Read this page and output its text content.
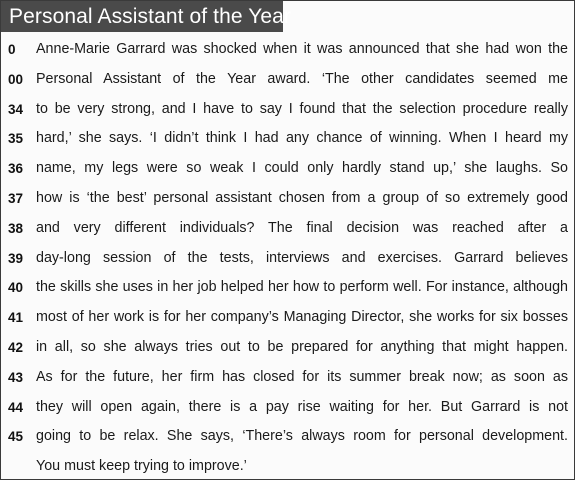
Personal Assistant of the Year
0	Anne-Marie Garrard was shocked when it was announced that she had won the
00 Personal Assistant of the Year award. ‘The other candidates seemed me
34 to be very strong, and I have to say I found that the selection procedure really
35 hard,’ she says. ‘I didn’t think I had any chance of winning. When I heard my
36 name, my legs were so weak I could only hardly stand up,’ she laughs. So
37 how is ‘the best’ personal assistant chosen from a group of so extremely good
38 and very different individuals? The final decision was reached after a
39 day-long session of the tests, interviews and exercises. Garrard believes
40 the skills she uses in her job helped her how to perform well. For instance, although
41 most of her work is for her company’s Managing Director, she works for six bosses
42 in all, so she always tries out to be prepared for anything that might happen.
43 As for the future, her firm has closed for its summer break now; as soon as
44 they will open again, there is a pay rise waiting for her. But Garrard is not
45 going to be relax. She says, ‘There’s always room for personal development.
You must keep trying to improve.’
